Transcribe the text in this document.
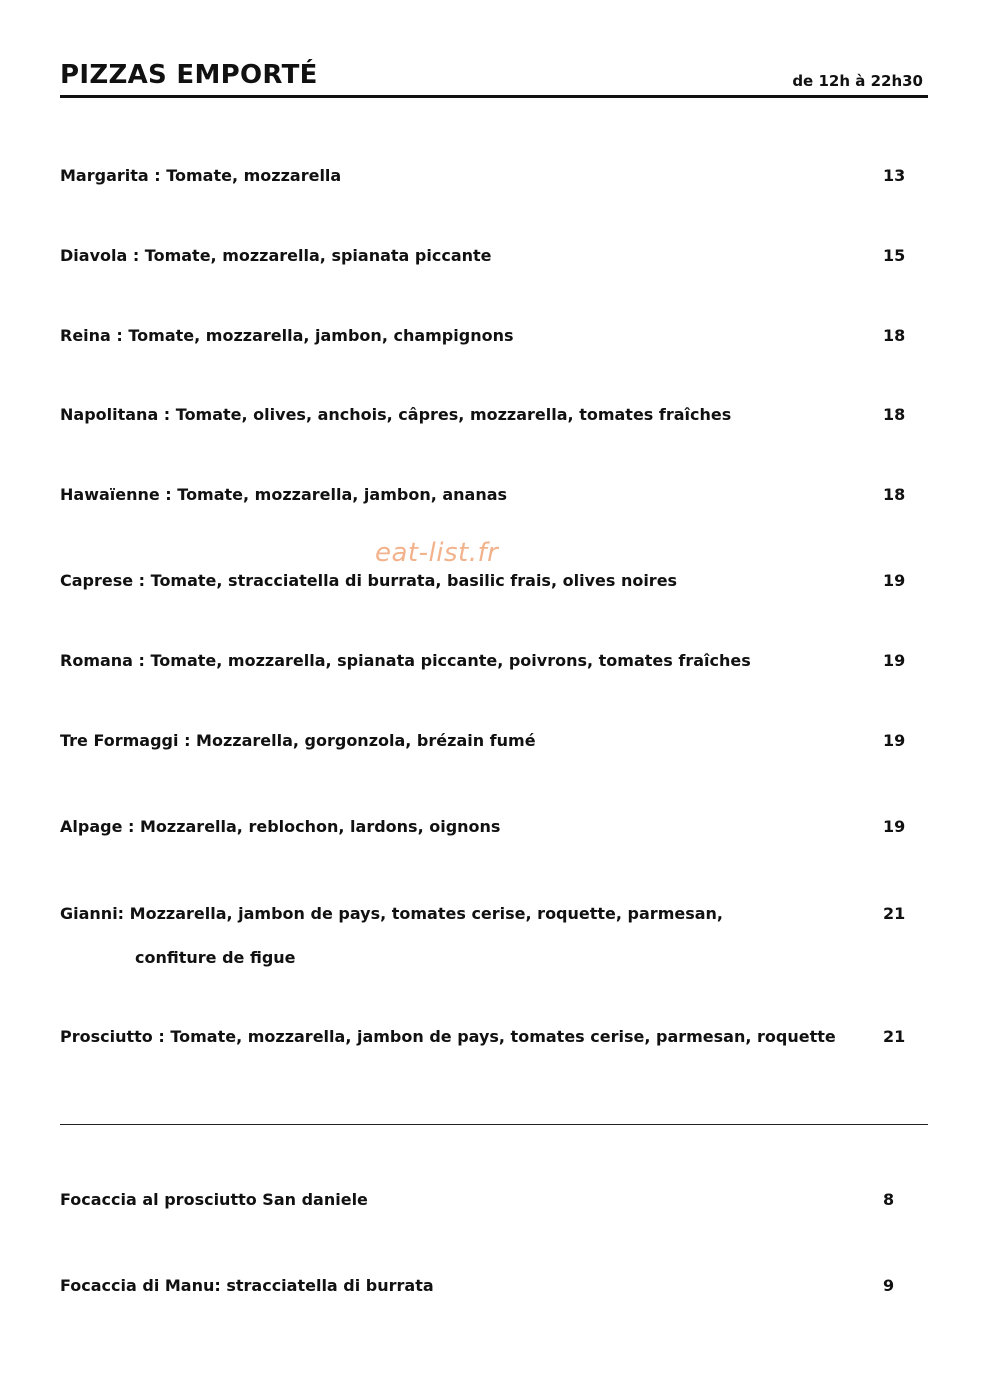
PIZZAS EMPORTÉ	de 12h à 22h30
eat-list.fr
Margarita : Tomate, mozzarella	13
Diavola : Tomate, mozzarella, spianata piccante	15
Reina : Tomate, mozzarella, jambon, champignons	18
Napolitana : Tomate, olives, anchois, câpres, mozzarella, tomates fraîches	18
Hawaïenne : Tomate, mozzarella, jambon, ananas	18
Caprese : Tomate, stracciatella di burrata, basilic frais, olives noires	19
Romana : Tomate, mozzarella, spianata piccante, poivrons, tomates fraîches	19
Tre Formaggi : Mozzarella, gorgonzola, brézain fumé	19
Alpage : Mozzarella, reblochon, lardons, oignons	19
Gianni: Mozzarella, jambon de pays, tomates cerise, roquette, parmesan,	21
confiture de figue
Prosciutto : Tomate, mozzarella, jambon de pays, tomates cerise, parmesan, roquette	21
Focaccia al prosciutto San daniele	8
Focaccia di Manu: stracciatella di burrata	9
